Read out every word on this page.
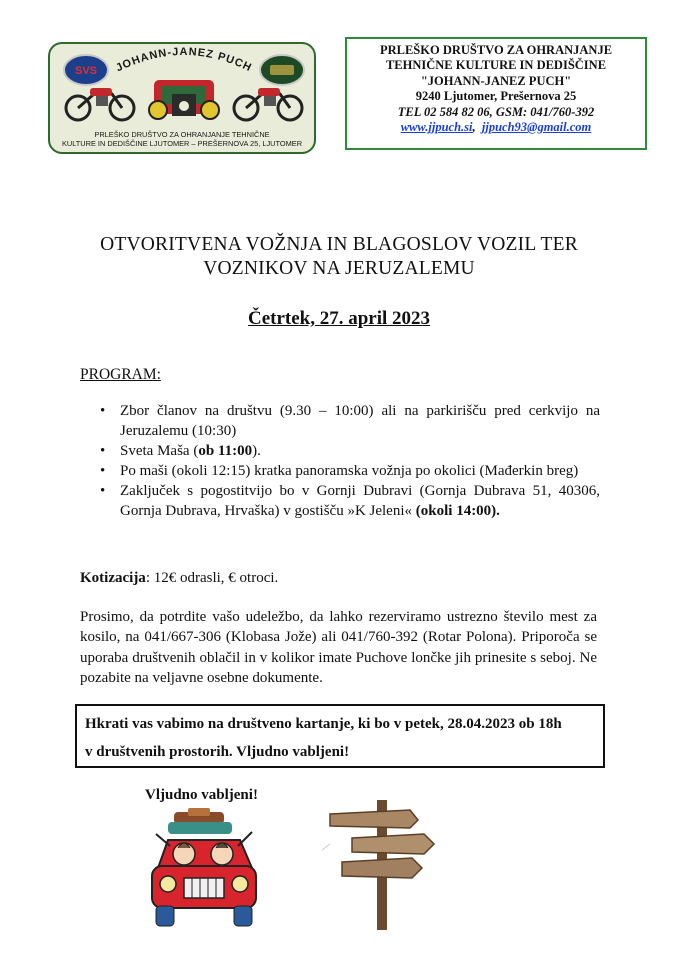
JOHANN-JANEZ PUCH
SVS
PRLEŠKO DRUŠTVO ZA OHRANJANJE TEHNIČNE
KULTURE IN DEDIŠČINE LJUTOMER – PREŠERNOVA 25, LJUTOMER
PRLEŠKO DRUŠTVO ZA OHRANJANJE
TEHNIČNE KULTURE IN DEDIŠČINE
"JOHANN-JANEZ PUCH"
9240 Ljutomer, Prešernova 25
TEL 02 584 82 06, GSM: 041/760-392
www.jjpuch.si, jjpuch93@gmail.com
OTVORITVENA VOŽNJA IN BLAGOSLOV VOZIL TER
VOZNIKOV NA JERUZALEMU
Četrtek, 27. april 2023
PROGRAM:
• Zbor članov na društvu (9.30 – 10:00) ali na parkirišču pred cerkvijo na Jeruzalemu (10:30)
• Sveta Maša (ob 11:00).
• Po maši (okoli 12:15) kratka panoramska vožnja po okolici (Mađerkin breg)
• Zaključek s pogostitvijo bo v Gornji Dubravi (Gornja Dubrava 51, 40306, Gornja Dubrava, Hrvaška) v gostišču »K Jeleni« (okoli 14:00).
Kotizacija: 12€ odrasli, € otroci.

Prosimo, da potrdite vašo udeležbo, da lahko rezerviramo ustrezno število mest za kosilo, na 041/667-306 (Klobasa Jože) ali 041/760-392 (Rotar Polona). Priporoča se uporaba društvenih oblačil in v kolikor imate Puchove lončke jih prinesite s seboj. Ne pozabite na veljavne osebne dokumente.

Hkrati vas vabimo na društveno kartanje, ki bo v petek, 28.04.2023 ob 18h
v društvenih prostorih. Vljudno vabljeni!
Vljudno vabljeni!
